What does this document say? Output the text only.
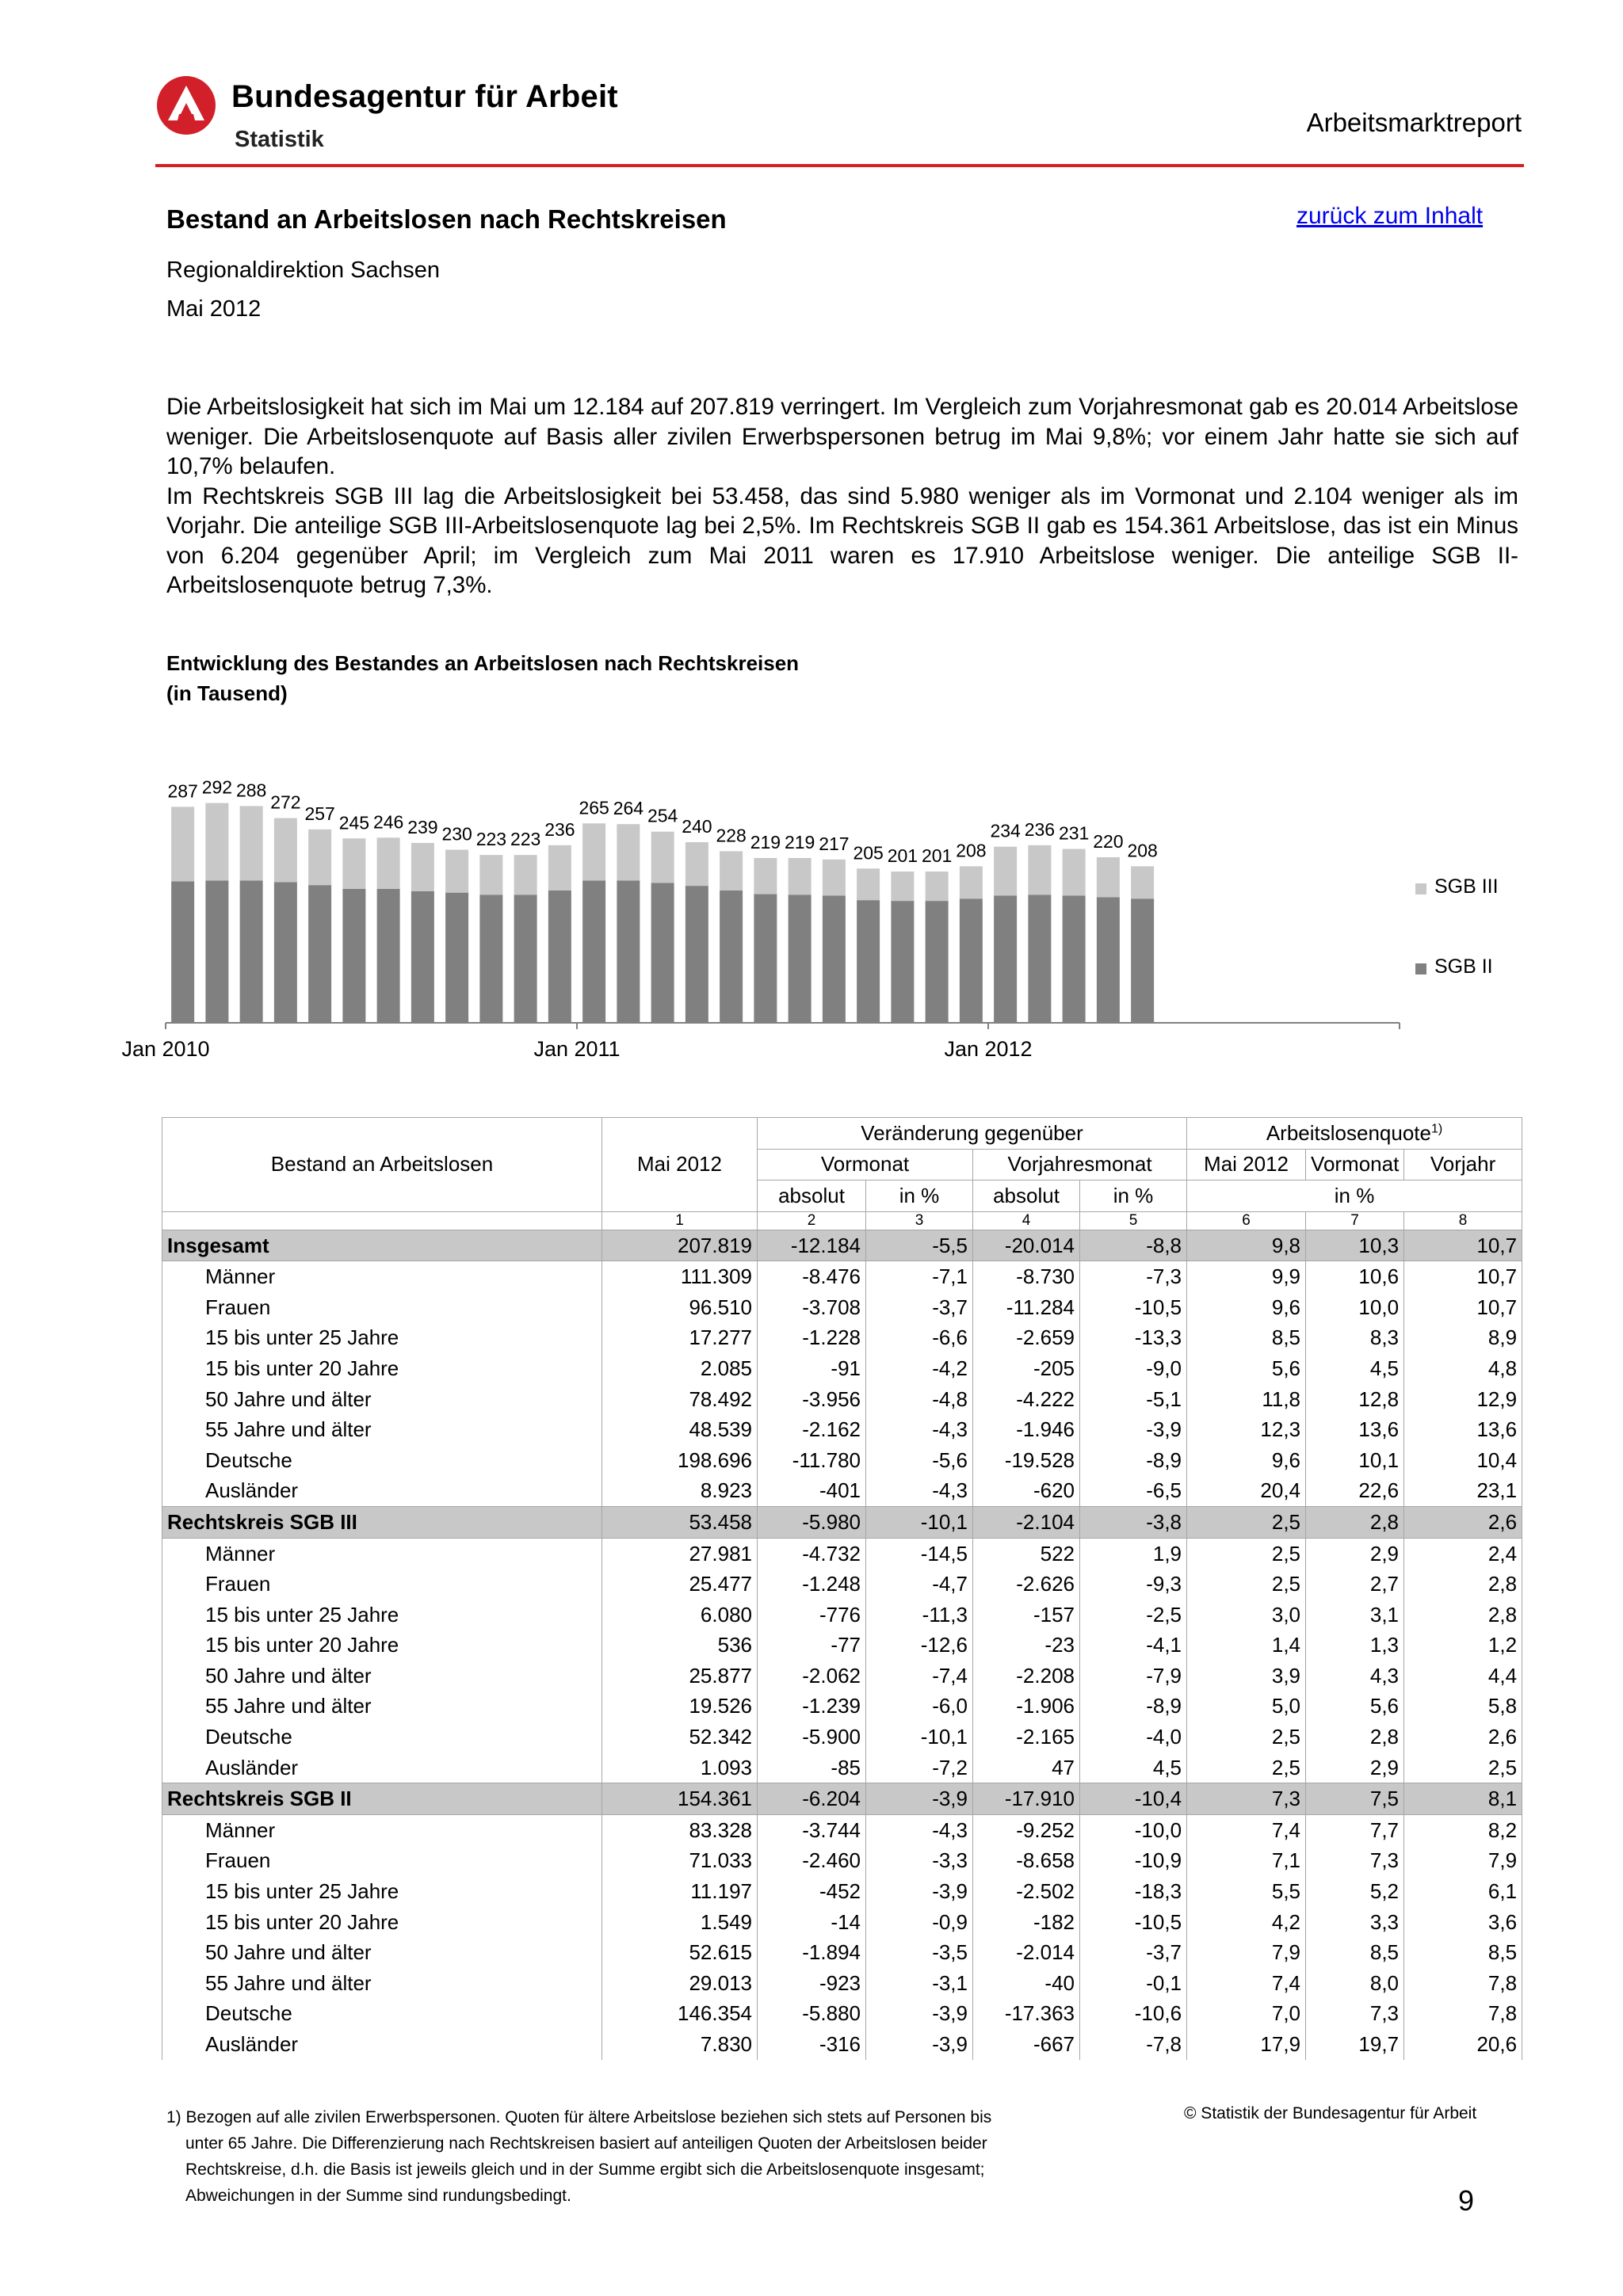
Bundesagentur für Arbeit
Statistik
Arbeitsmarktreport
Bestand an Arbeitslosen nach Rechtskreisen	zurück zum Inhalt
Regionaldirektion Sachsen
Mai 2012

Die Arbeitslosigkeit hat sich im Mai um 12.184 auf 207.819 verringert. Im Vergleich zum Vorjahresmonat gab es 20.014 Arbeitslose weniger. Die Arbeitslosenquote auf Basis aller zivilen Erwerbspersonen betrug im Mai 9,8%; vor einem Jahr hatte sie sich auf 10,7% belaufen.

Im Rechtskreis SGB III lag die Arbeitslosigkeit bei 53.458, das sind 5.980 weniger als im Vormonat und 2.104 weniger als im Vorjahr. Die anteilige SGB III-Arbeitslosenquote lag bei 2,5%. Im Rechtskreis SGB II gab es 154.361 Arbeitslose, das ist ein Minus von 6.204 gegenüber April; im Vergleich zum Mai 2011 waren es 17.910 Arbeitslose weniger. Die anteilige SGB II-Arbeitslosenquote betrug 7,3%.

Entwicklung des Bestandes an Arbeitslosen nach Rechtskreisen
(in Tausend)
Jan 2010	Jan 2011	Jan 2012
287 292 288
272
257 245 246 239 230 223 223 236
265 264 254
240 228 219 219 217 205 201 201 208
234 236 231 220 208
SGB III
SGB II
Bestand an Arbeitslosen	Mai 2012	Veränderung gegenüber				Arbeitslosenquote$^{1)}$
		Vormonat		Vorjahresmonat		Mai 2012	Vormonat	Vorjahr
		absolut	in %	absolut	in %	in %		
	1	2	3	4	5	6	7	8
Insgesamt	207.819	-12.184	-5,5	-20.014	-8,8	9,8	10,3	10,7
Männer	111.309	-8.476	-7,1	-8.730	-7,3	9,9	10,6	10,7
Frauen	96.510	-3.708	-3,7	-11.284	-10,5	9,6	10,0	10,7
15 bis unter 25 Jahre	17.277	-1.228	-6,6	-2.659	-13,3	8,5	8,3	8,9
15 bis unter 20 Jahre	2.085	-91	-4,2	-205	-9,0	5,6	4,5	4,8
50 Jahre und älter	78.492	-3.956	-4,8	-4.222	-5,1	11,8	12,8	12,9
55 Jahre und älter	48.539	-2.162	-4,3	-1.946	-3,9	12,3	13,6	13,6
Deutsche	198.696	-11.780	-5,6	-19.528	-8,9	9,6	10,1	10,4
Ausländer	8.923	-401	-4,3	-620	-6,5	20,4	22,6	23,1
Rechtskreis SGB III	53.458	-5.980	-10,1	-2.104	-3,8	2,5	2,8	2,6
Männer	27.981	-4.732	-14,5	522	1,9	2,5	2,9	2,4
Frauen	25.477	-1.248	-4,7	-2.626	-9,3	2,5	2,7	2,8
15 bis unter 25 Jahre	6.080	-776	-11,3	-157	-2,5	3,0	3,1	2,8
15 bis unter 20 Jahre	536	-77	-12,6	-23	-4,1	1,4	1,3	1,2
50 Jahre und älter	25.877	-2.062	-7,4	-2.208	-7,9	3,9	4,3	4,4
55 Jahre und älter	19.526	-1.239	-6,0	-1.906	-8,9	5,0	5,6	5,8
Deutsche	52.342	-5.900	-10,1	-2.165	-4,0	2,5	2,8	2,6
Ausländer	1.093	-85	-7,2	47	4,5	2,5	2,9	2,5
Rechtskreis SGB II	154.361	-6.204	-3,9	-17.910	-10,4	7,3	7,5	8,1
Männer	83.328	-3.744	-4,3	-9.252	-10,0	7,4	7,7	8,2
Frauen	71.033	-2.460	-3,3	-8.658	-10,9	7,1	7,3	7,9
15 bis unter 25 Jahre	11.197	-452	-3,9	-2.502	-18,3	5,5	5,2	6,1
15 bis unter 20 Jahre	1.549	-14	-0,9	-182	-10,5	4,2	3,3	3,6
50 Jahre und älter	52.615	-1.894	-3,5	-2.014	-3,7	7,9	8,5	8,5
55 Jahre und älter	29.013	-923	-3,1	-40	-0,1	7,4	8,0	7,8
Deutsche	146.354	-5.880	-3,9	-17.363	-10,6	7,0	7,3	7,8
Ausländer	7.830	-316	-3,9	-667	-7,8	17,9	19,7	20,6
1) Bezogen auf alle zivilen Erwerbspersonen. Quoten für ältere Arbeitslose beziehen sich stets auf Personen bis
unter 65 Jahre. Die Differenzierung nach Rechtskreisen basiert auf anteiligen Quoten der Arbeitslosen beider
Rechtskreise, d.h. die Basis ist jeweils gleich und in der Summe ergibt sich die Arbeitslosenquote insgesamt;
Abweichungen in der Summe sind rundungsbedingt.
© Statistik der Bundesagentur für Arbeit
9
